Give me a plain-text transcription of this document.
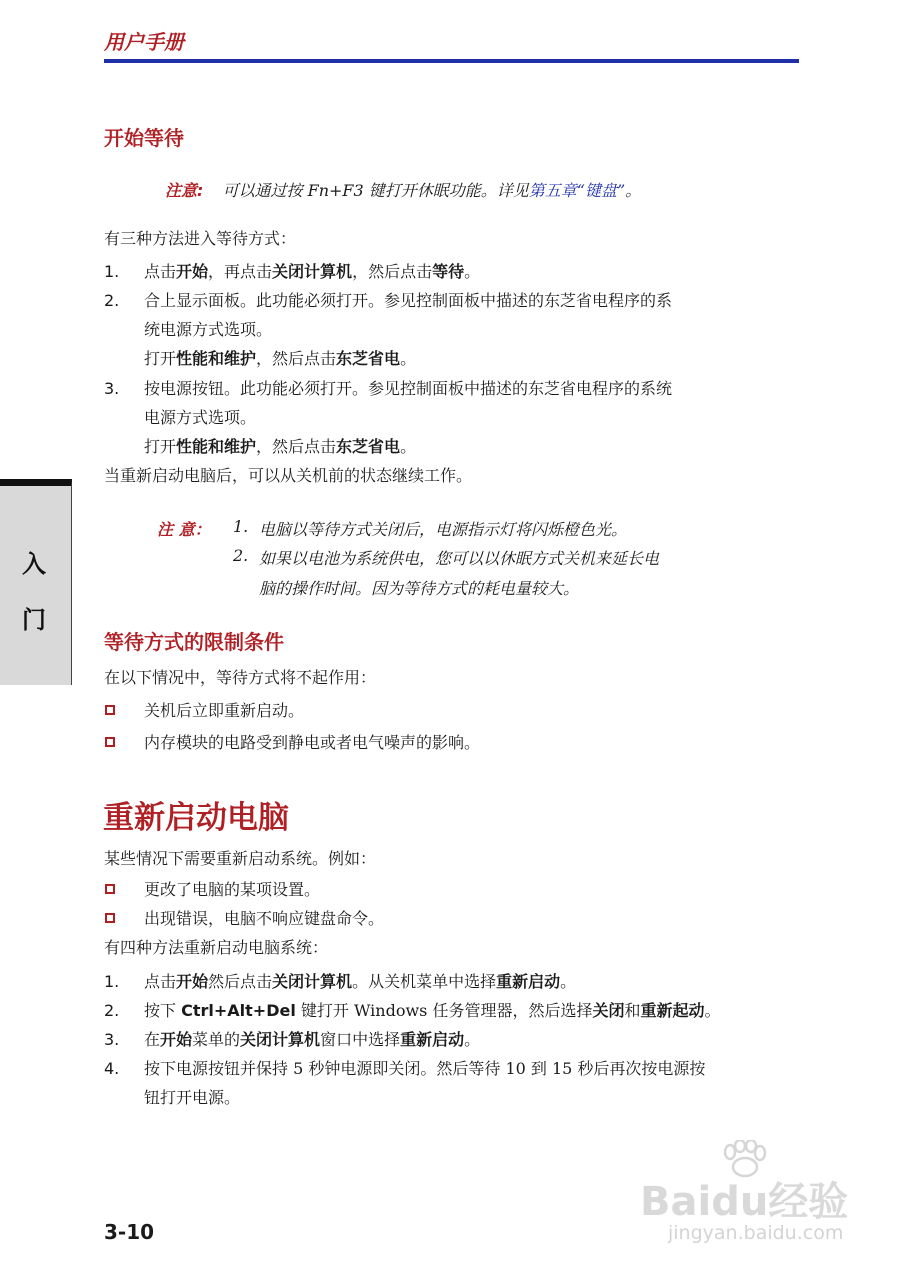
用户手册
入
门
开始等待
注意: 可以通过按 Fn+F3 键打开休眠功能。详见第五章“键盘”。
有三种方法进入等待方式：
1. 点击开始，再点击关闭计算机，然后点击等待。
2. 合上显示面板。此功能必须打开。参见控制面板中描述的东芝省电程序的系
统电源方式选项。
打开性能和维护，然后点击东芝省电。
3. 按电源按钮。此功能必须打开。参见控制面板中描述的东芝省电程序的系统
电源方式选项。
打开性能和维护，然后点击东芝省电。
当重新启动电脑后，可以从关机前的状态继续工作。
注 意： 1. 电脑以等待方式关闭后，电源指示灯将闪烁橙色光。
2. 如果以电池为系统供电，您可以以休眠方式关机来延长电
脑的操作时间。因为等待方式的耗电量较大。
等待方式的限制条件
在以下情况中，等待方式将不起作用：
关机后立即重新启动。
内存模块的电路受到静电或者电气噪声的影响。
重新启动电脑
某些情况下需要重新启动系统。例如：
更改了电脑的某项设置。
出现错误，电脑不响应键盘命令。
有四种方法重新启动电脑系统：
1. 点击开始然后点击关闭计算机。从关机菜单中选择重新启动。
2. 按下 Ctrl+Alt+Del 键打开 Windows 任务管理器，然后选择关闭和重新起动。
3. 在开始菜单的关闭计算机窗口中选择重新启动。
4. 按下电源按钮并保持 5 秒钟电源即关闭。然后等待 10 到 15 秒后再次按电源按
钮打开电源。
3-10
Baidu经验
jingyan.baidu.com
